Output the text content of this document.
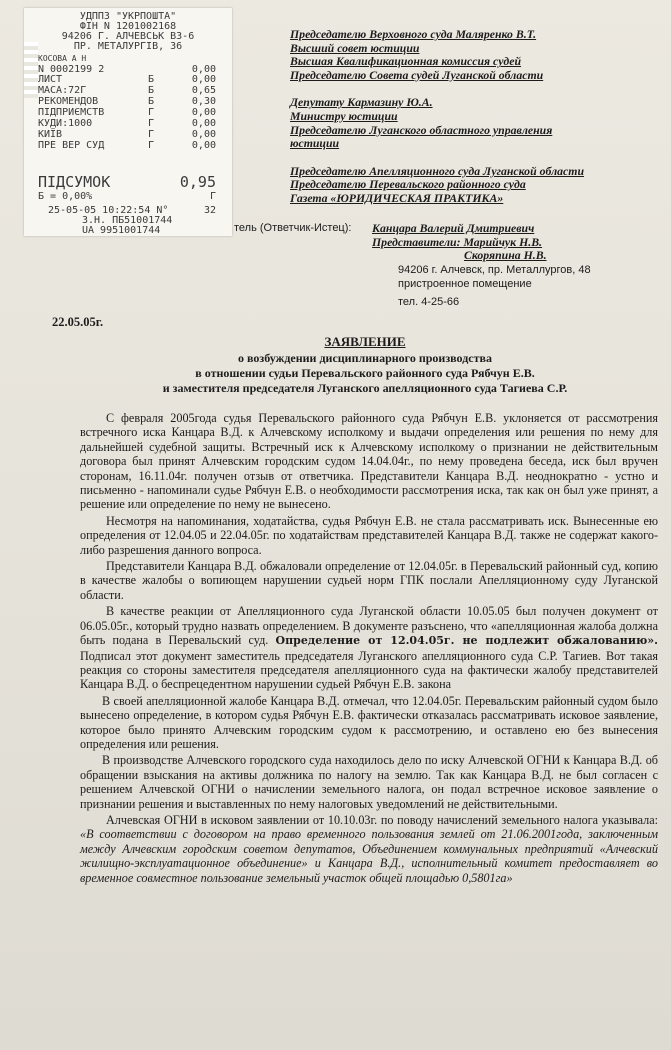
УДППЗ "УКРПОШТА"
ФІН N 1201002168
94206 Г. АЛЧЕВСЬК ВЗ-6
ПР. МЕТАЛУРГІВ, 36
КОСОВА А Н
N 0002199 2	0,00
ЛИСТ	Б	0,00
МАСА:72Г	Б	0,65
РЕКОМЕНДОВ	Б	0,30
ПІДПРИЄМСТВ	Г	0,00
КУДИ:1000	Г	0,00
КИЇВ	Г	0,00
ПРЕ ВЕР СУД	Г	0,00
ПІДСУМОК	0,95
Б = 0,00%	Г
25-05-05 10:22:54 N°	32
З.Н. ПБ51001744
UA 9951001744
Председателю Верховного суда Маляренко В.Т.
Высший совет юстиции
Высшая Квалификационная комиссия судей
Председателю Совета судей Луганской области
Депутату Кармазину Ю.А.
Министру юстиции
Председателю Луганского областного управления
юстиции
Председателю Апелляционного суда Луганской области
Председателю Перевальского районного суда
Газета «ЮРИДИЧЕСКАЯ ПРАКТИКА»
тель (Ответчик-Истец): Канцара Валерий Дмитриевич
Представители: Марийчук Н.В.
Скоряпина Н.В.
94206 г. Алчевск, пр. Металлургов, 48
пристроенное помещение
тел. 4-25-66
22.05.05г.
ЗАЯВЛЕНИЕ
о возбуждении дисциплинарного производства
в отношении судьи Перевальского районного суда Рябчун Е.В.
и заместителя председателя Луганского апелляционного суда Тагиева С.Р.

С февраля 2005года судья Перевальского районного суда Рябчун Е.В. уклоняется от рассмотрения встречного иска Канцара В.Д. к Алчевскому исполкому и выдачи определения или решения по нему для дальнейшей судебной защиты. Встречный иск к Алчевскому исполкому о признании не действительным договора был принят Алчевским городским судом 14.04.04г., по нему проведена беседа, иск был вручен сторонам, 16.11.04г. получен отзыв от ответчика. Представители Канцара В.Д. неоднократно - устно и письменно - напоминали судье Рябчун Е.В. о необходимости рассмотрения иска, так как он был уже принят, а решение или определение по нему не вынесено.

Несмотря на напоминания, ходатайства, судья Рябчун Е.В. не стала рассматривать иск. Вынесенные ею определения от 12.04.05 и 22.04.05г. по ходатайствам представителей Канцара В.Д. также не содержат какого- либо разрешения данного вопроса.

Представители Канцара В.Д. обжаловали определение от 12.04.05г. в Перевальский районный суд, копию в качестве жалобы о вопиющем нарушении судьей норм ГПК послали Апелляционному суду Луганской области.

В качестве реакции от Апелляционного суда Луганской области 10.05.05 был получен документ от 06.05.05г., который трудно назвать определением. В документе разъснено, что «апелляционная жалоба должна быть подана в Перевальский суд. Определение от 12.04.05г. не подлежит обжалованию». Подписал этот документ заместитель председателя Луганского апелляционного суда С.Р. Тагиев. Вот такая реакция со стороны заместителя председателя апелляционного суда на фактически жалобу представителей Канцара В.Д. о беспрецедентном нарушении судьей Рябчун Е.В. закона

В своей апелляционной жалобе Канцара В.Д. отмечал, что 12.04.05г. Перевальским районный судом было вынесено определение, в котором судья Рябчун Е.В. фактически отказалась рассматривать исковое заявление, которое было принято Алчевским городским судом к рассмотрению, и оставлено ею без вынесения определения или решения.

В производстве Алчевского городского суда находилось дело по иску Алчевской ОГНИ к Канцара В.Д. об обращении взыскания на активы должника по налогу на землю. Так как Канцара В.Д. не был согласен с решением Алчевской ОГНИ о начислении земельного налога, он подал встречное исковое заявление о признании решения и выставленных по нему налоговых уведомлений не действительными.

Алчевская ОГНИ в исковом заявлении от 10.10.03г. по поводу начислений земельного налога указывала: «В соответствии с договором на право временного пользования землей от 21.06.2001года, заключенным между Алчевским городским советом депутатов, Объединением коммунальных предприятий «Алчевский жилищно-эксплуатационное объединение» и Канцара В.Д., исполнительный комитет предоставляет во временное совместное пользование земельный участок общей площадью 0,5801га»
